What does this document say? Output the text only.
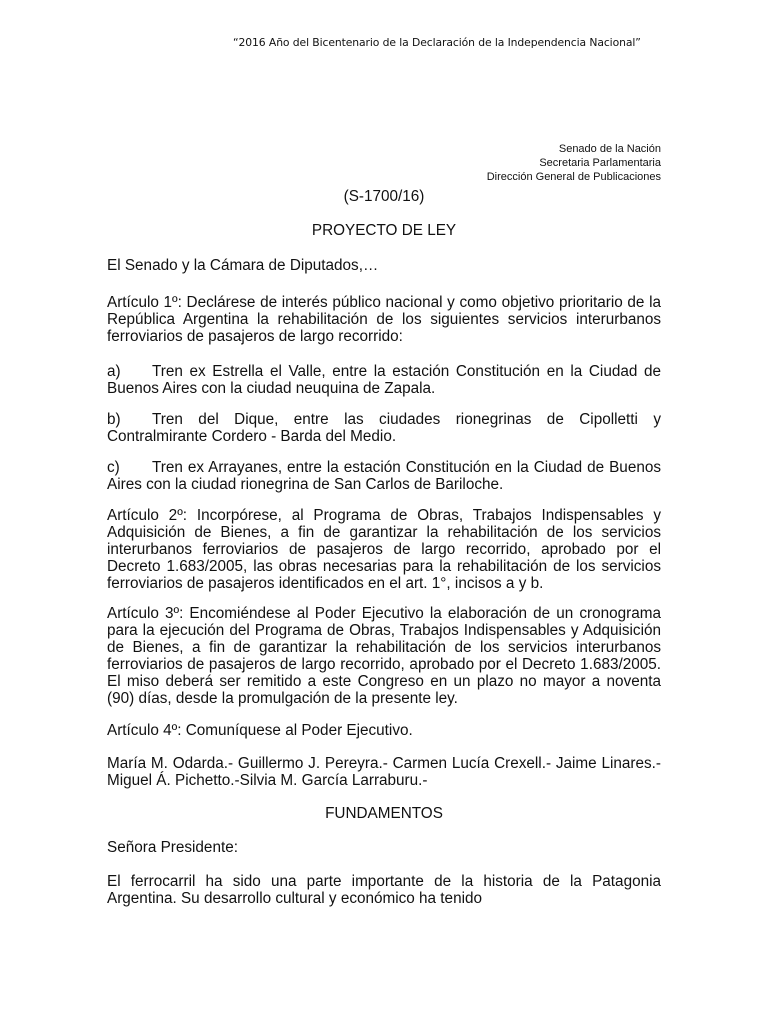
“2016 Año del Bicentenario de la Declaración de la Independencia Nacional”
Senado de la Nación
Secretaria Parlamentaria
Dirección General de Publicaciones

(S-1700/16)

PROYECTO DE LEY

El Senado y la Cámara de Diputados,…

Artículo 1º: Declárese de interés público nacional y como objetivo prioritario de la República Argentina la rehabilitación de los siguientes servicios interurbanos ferroviarios de pasajeros de largo recorrido:

a) Tren ex Estrella el Valle, entre la estación Constitución en la Ciudad de Buenos Aires con la ciudad neuquina de Zapala.

b) Tren del Dique, entre las ciudades rionegrinas de Cipolletti y Contralmirante Cordero - Barda del Medio.

c) Tren ex Arrayanes, entre la estación Constitución en la Ciudad de Buenos Aires con la ciudad rionegrina de San Carlos de Bariloche.

Artículo 2º: Incorpórese, al Programa de Obras, Trabajos Indispensables y Adquisición de Bienes, a fin de garantizar la rehabilitación de los servicios interurbanos ferroviarios de pasajeros de largo recorrido, aprobado por el Decreto 1.683/2005, las obras necesarias para la rehabilitación de los servicios ferroviarios de pasajeros identificados en el art. 1°, incisos a y b.

Artículo 3º: Encomiéndese al Poder Ejecutivo la elaboración de un cronograma para la ejecución del Programa de Obras, Trabajos Indispensables y Adquisición de Bienes, a fin de garantizar la rehabilitación de los servicios interurbanos ferroviarios de pasajeros de largo recorrido, aprobado por el Decreto 1.683/2005. El miso deberá ser remitido a este Congreso en un plazo no mayor a noventa (90) días, desde la promulgación de la presente ley.

Artículo 4º: Comuníquese al Poder Ejecutivo.

María M. Odarda.- Guillermo J. Pereyra.- Carmen Lucía Crexell.- Jaime Linares.- Miguel Á. Pichetto.-Silvia M. García Larraburu.-

FUNDAMENTOS

Señora Presidente:

El ferrocarril ha sido una parte importante de la historia de la Patagonia Argentina. Su desarrollo cultural y económico ha tenido
